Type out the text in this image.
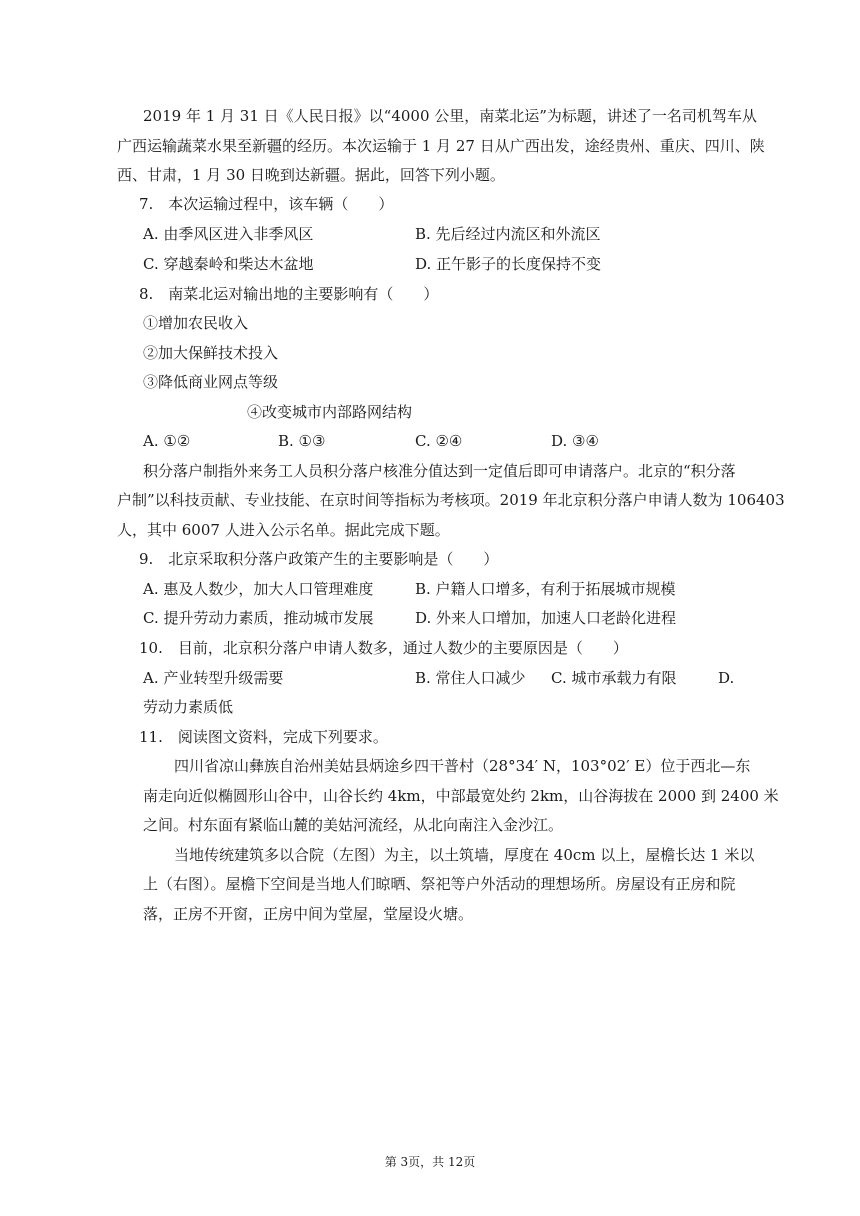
2019 年 1 月 31 日《人民日报》以“4000 公里，南菜北运”为标题，讲述了一名司机驾车从
广西运输蔬菜水果至新疆的经历。本次运输于 1 月 27 日从广西出发，途经贵州、重庆、四川、陕
西、甘肃，1 月 30 日晚到达新疆。据此，回答下列小题。
7.　本次运输过程中，该车辆（　　）
A. 由季风区进入非季风区	B. 先后经过内流区和外流区
C. 穿越秦岭和柴达木盆地	D. 正午影子的长度保持不变
8.　南菜北运对输出地的主要影响有（　　）
①增加农民收入
②加大保鲜技术投入
③降低商业网点等级
④改变城市内部路网结构
A. ①②	B. ①③	C. ②④	D. ③④
积分落户制指外来务工人员积分落户核准分值达到一定值后即可申请落户。北京的“积分落
户制”以科技贡献、专业技能、在京时间等指标为考核项。2019 年北京积分落户申请人数为 106403
人，其中 6007 人进入公示名单。据此完成下题。
9.　北京采取积分落户政策产生的主要影响是（　　）
A. 惠及人数少，加大人口管理难度	B. 户籍人口增多，有利于拓展城市规模
C. 提升劳动力素质，推动城市发展	D. 外来人口增加，加速人口老龄化进程
10.　目前，北京积分落户申请人数多，通过人数少的主要原因是（　　）
A. 产业转型升级需要	B. 常住人口减少 C. 城市承载力有限	D.
劳动力素质低
11.　阅读图文资料，完成下列要求。
四川省凉山彝族自治州美姑县炳途乡四干普村（28°34′ N，103°02′ E）位于西北—东
南走向近似椭圆形山谷中，山谷长约 4km，中部最宽处约 2km，山谷海拔在 2000 到 2400 米
之间。村东面有紧临山麓的美姑河流经，从北向南注入金沙江。
当地传统建筑多以合院（左图）为主，以土筑墙，厚度在 40cm 以上，屋檐长达 1 米以
上（右图）。屋檐下空间是当地人们晾晒、祭祀等户外活动的理想场所。房屋设有正房和院
落，正房不开窗，正房中间为堂屋，堂屋设火塘。
第 3页，共 12页
